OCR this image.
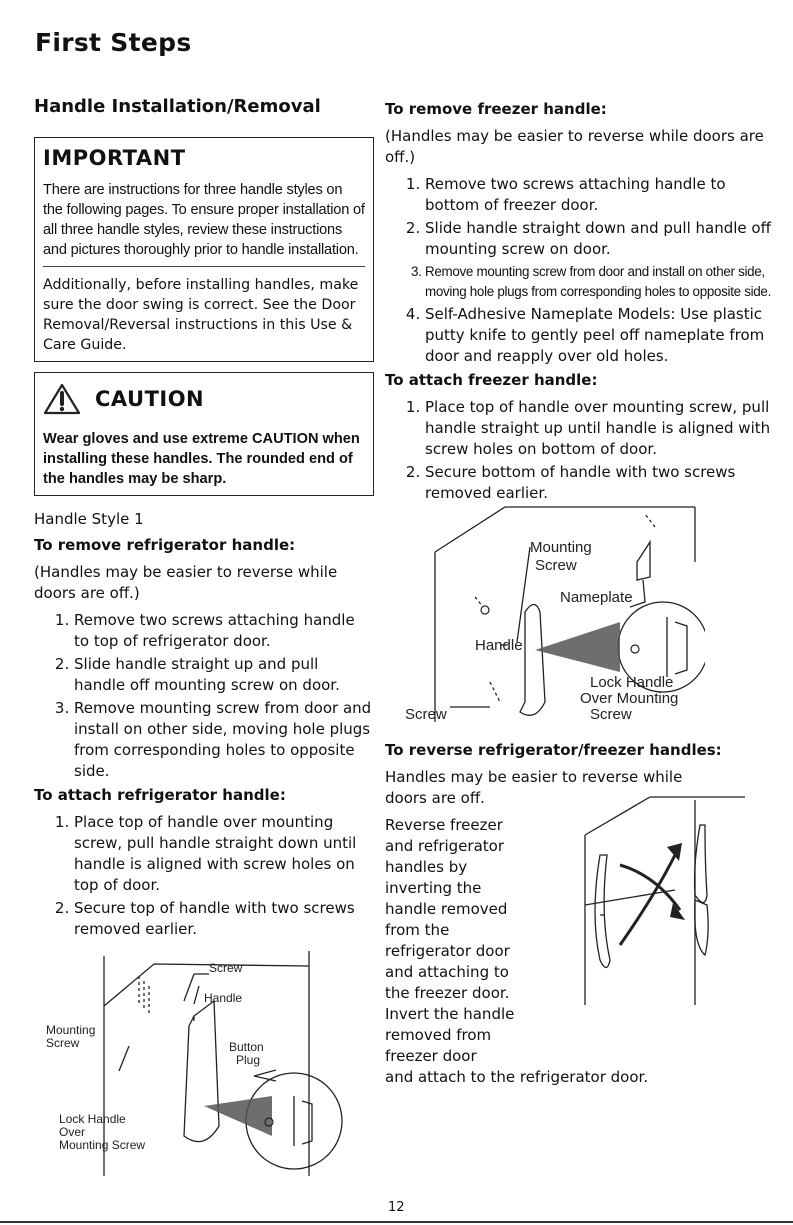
First Steps
Handle Installation/Removal
IMPORTANT

There are instructions for three handle styles on the following pages. To ensure proper installation of all three handle styles, review these instructions and pictures thoroughly prior to handle installation.

Additionally, before installing handles, make sure the door swing is correct. See the Door Removal/Reversal instructions in this Use & Care Guide.

CAUTION
Wear gloves and use extreme CAUTION when installing these handles. The rounded end of the handles may be sharp.
Handle Style 1
To remove refrigerator handle:

(Handles may be easier to reverse while doors are off.)

1. Remove two screws attaching handle to top of refrigerator door.
2. Slide handle straight up and pull handle off mounting screw on door.
3. Remove mounting screw from door and install on other side, moving hole plugs from corresponding holes to opposite side.
To attach refrigerator handle:
1. Place top of handle over mounting screw, pull handle straight down until handle is aligned with screw holes on top of door.
2. Secure top of handle with two screws removed earlier.
Screw
Handle
Mounting
Screw	Button
Plug
Lock Handle
Over
Mounting Screw
To remove freezer handle:

(Handles may be easier to reverse while doors are off.)

1. Remove two screws attaching handle to bottom of freezer door.
2. Slide handle straight down and pull handle off mounting screw on door.
3. Remove mounting screw from door and install on other side, moving hole plugs from corresponding holes to opposite side.
4. Self-Adhesive Nameplate Models: Use plastic putty knife to gently peel off nameplate from door and reapply over old holes.
To attach freezer handle:
1. Place top of handle over mounting screw, pull handle straight up until handle is aligned with screw holes on bottom of door.
2. Secure bottom of handle with two screws removed earlier.
Mounting
Screw
Nameplate
Handle
Lock Handle
Over Mounting
Screw
Screw
To reverse refrigerator/freezer handles:

Handles may be easier to reverse while doors are off.

Reverse freezer and refrigerator handles by inverting the handle removed from the refrigerator door and attaching to the freezer door. Invert the handle removed from freezer door

and attach to the refrigerator door.

12
